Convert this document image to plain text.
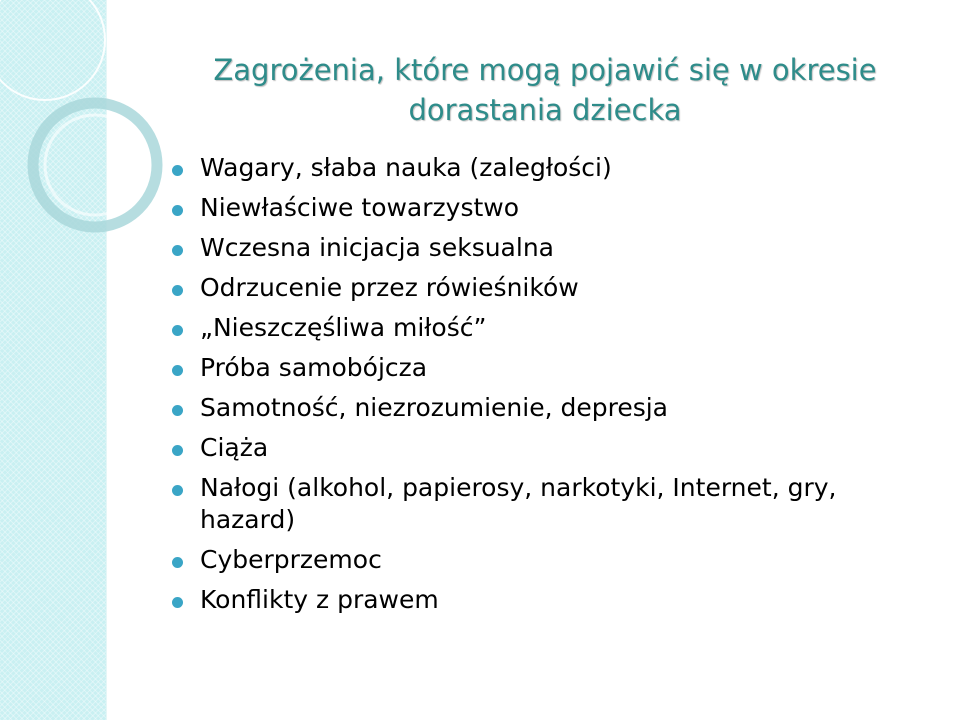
Zagrożenia, które mogą pojawić się w okresie dorastania dziecka
Wagary, słaba nauka (zaległości)
Niewłaściwe towarzystwo
Wczesna inicjacja seksualna
Odrzucenie przez rówieśników
„Nieszczęśliwa miłość”
Próba samobójcza
Samotność, niezrozumienie, depresja
Ciąża
Nałogi (alkohol, papierosy, narkotyki, Internet, gry, hazard)
Cyberprzemoc
Konflikty z prawem
